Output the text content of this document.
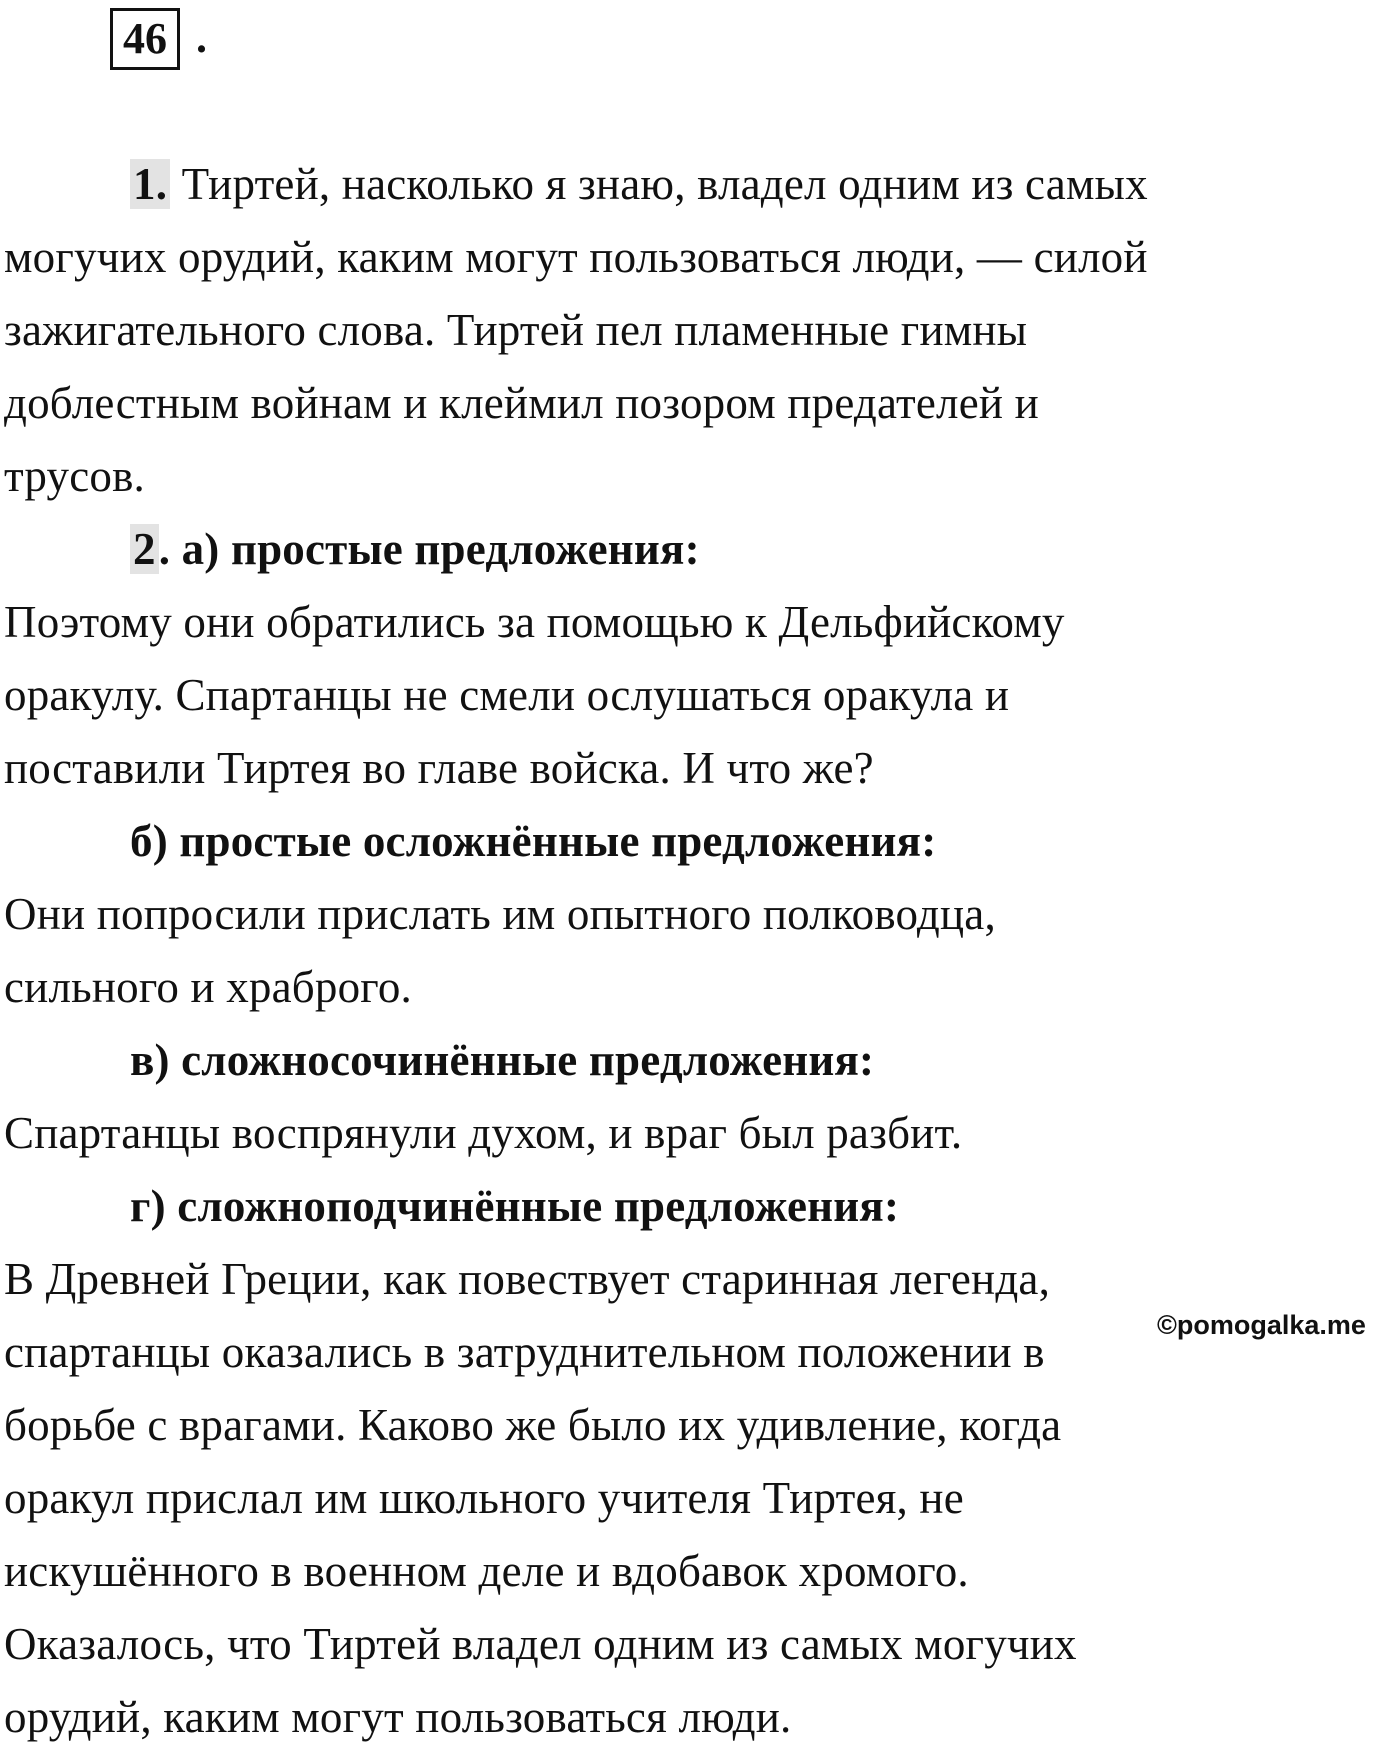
46 .
1. Тиртей, насколько я знаю, владел одним из самых
могучих орудий, каким могут пользоваться люди, — силой
зажигательного слова. Тиртей пел пламенные гимны
доблестным войнам и клеймил позором предателей и
трусов.
2. а) простые предложения:
Поэтому они обратились за помощью к Дельфийскому
оракулу. Спартанцы не смели ослушаться оракула и
поставили Тиртея во главе войска. И что же?
б) простые осложнённые предложения:
Они попросили прислать им опытного полководца,
сильного и храброго.
в) сложносочинённые предложения:
Спартанцы воспрянули духом, и враг был разбит.
г) сложноподчинённые предложения:
В Древней Греции, как повествует старинная легенда,
спартанцы оказались в затруднительном положении в
борьбе с врагами. Каково же было их удивление, когда
оракул прислал им школьного учителя Тиртея, не
искушённого в военном деле и вдобавок хромого.
Оказалось, что Тиртей владел одним из самых могучих
орудий, каким могут пользоваться люди.
©pomogalka.me
